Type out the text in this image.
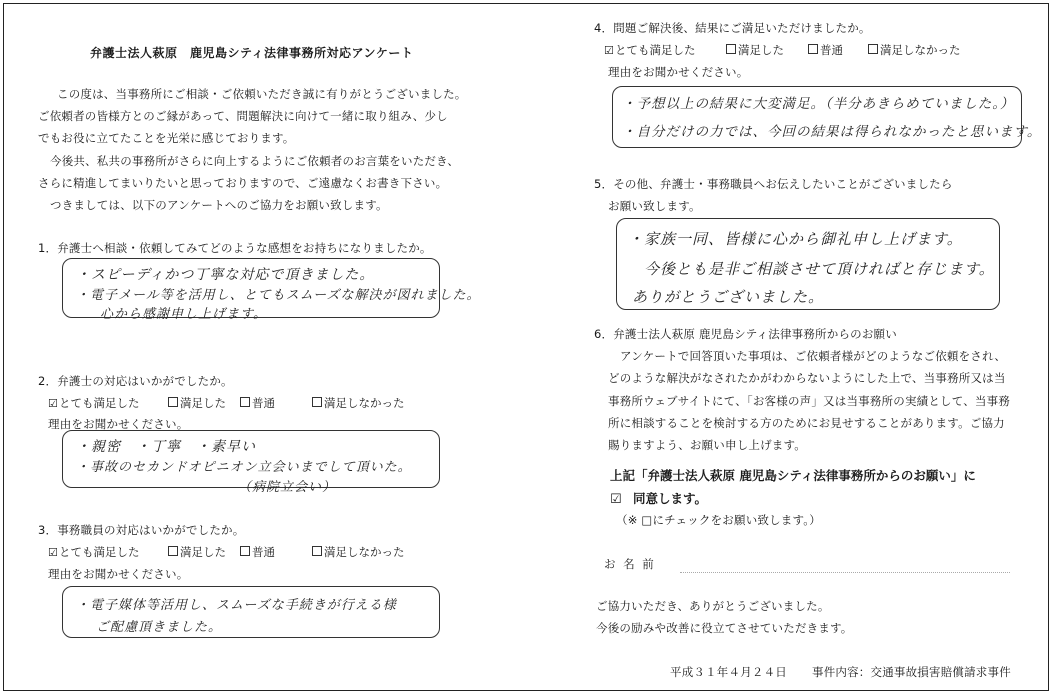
弁護士法人萩原　鹿児島シティ法律事務所対応アンケート
この度は、当事務所にご相談・ご依頼いただき誠に有りがとうございました。
ご依頼者の皆様方とのご縁があって、問題解決に向けて一緒に取り組み、少し
でもお役に立てたことを光栄に感じております。
今後共、私共の事務所がさらに向上するようにご依頼者のお言葉をいただき、
さらに精進してまいりたいと思っておりますので、ご遠慮なくお書き下さい。
つきましては、以下のアンケートへのご協力をお願い致します。
1．弁護士へ相談・依頼してみてどのような感想をお持ちになりましたか。
・スピーディかつ丁寧な対応で頂きました。
・電子メール等を活用し、とてもスムーズな解決が図れました。
心から感謝申し上げます。
2．弁護士の対応はいかがでしたか。
☑とても満足した	満足した	普通	満足しなかった
理由をお聞かせください。
・親密　・丁寧　・素早い
・事故のセカンドオピニオン立会いまでして頂いた。
（病院立会い）
3．事務職員の対応はいかがでしたか。
☑とても満足した	満足した	普通	満足しなかった
理由をお聞かせください。
・電子媒体等活用し、スムーズな手続きが行える様
ご配慮頂きました。
4．問題ご解決後、結果にご満足いただけましたか。
☑とても満足した	満足した	普通	満足しなかった
理由をお聞かせください。
・予想以上の結果に大変満足。（半分あきらめていました。）
・自分だけの力では、今回の結果は得られなかったと思います。
5．その他、弁護士・事務職員へお伝えしたいことがございましたら
お願い致します。
・家族一同、皆様に心から御礼申し上げます。
今後とも是非ご相談させて頂ければと存じます。
ありがとうございました。
6．弁護士法人萩原 鹿児島シティ法律事務所からのお願い
アンケートで回答頂いた事項は、ご依頼者様がどのようなご依頼をされ、
どのような解決がなされたかがわからないようにした上で、当事務所又は当
事務所ウェブサイトにて、「お客様の声」又は当事務所の実績として、当事務
所に相談することを検討する方のためにお見せすることがあります。ご協力
賜りますよう、お願い申し上げます。
上記「弁護士法人萩原 鹿児島シティ法律事務所からのお願い」に
☑ 同意します。
（※ □にチェックをお願い致します。）
お 名 前
ご協力いただき、ありがとうございました。
今後の励みや改善に役立てさせていただきます。
平成３１年４月２４日 事件内容：交通事故損害賠償請求事件
